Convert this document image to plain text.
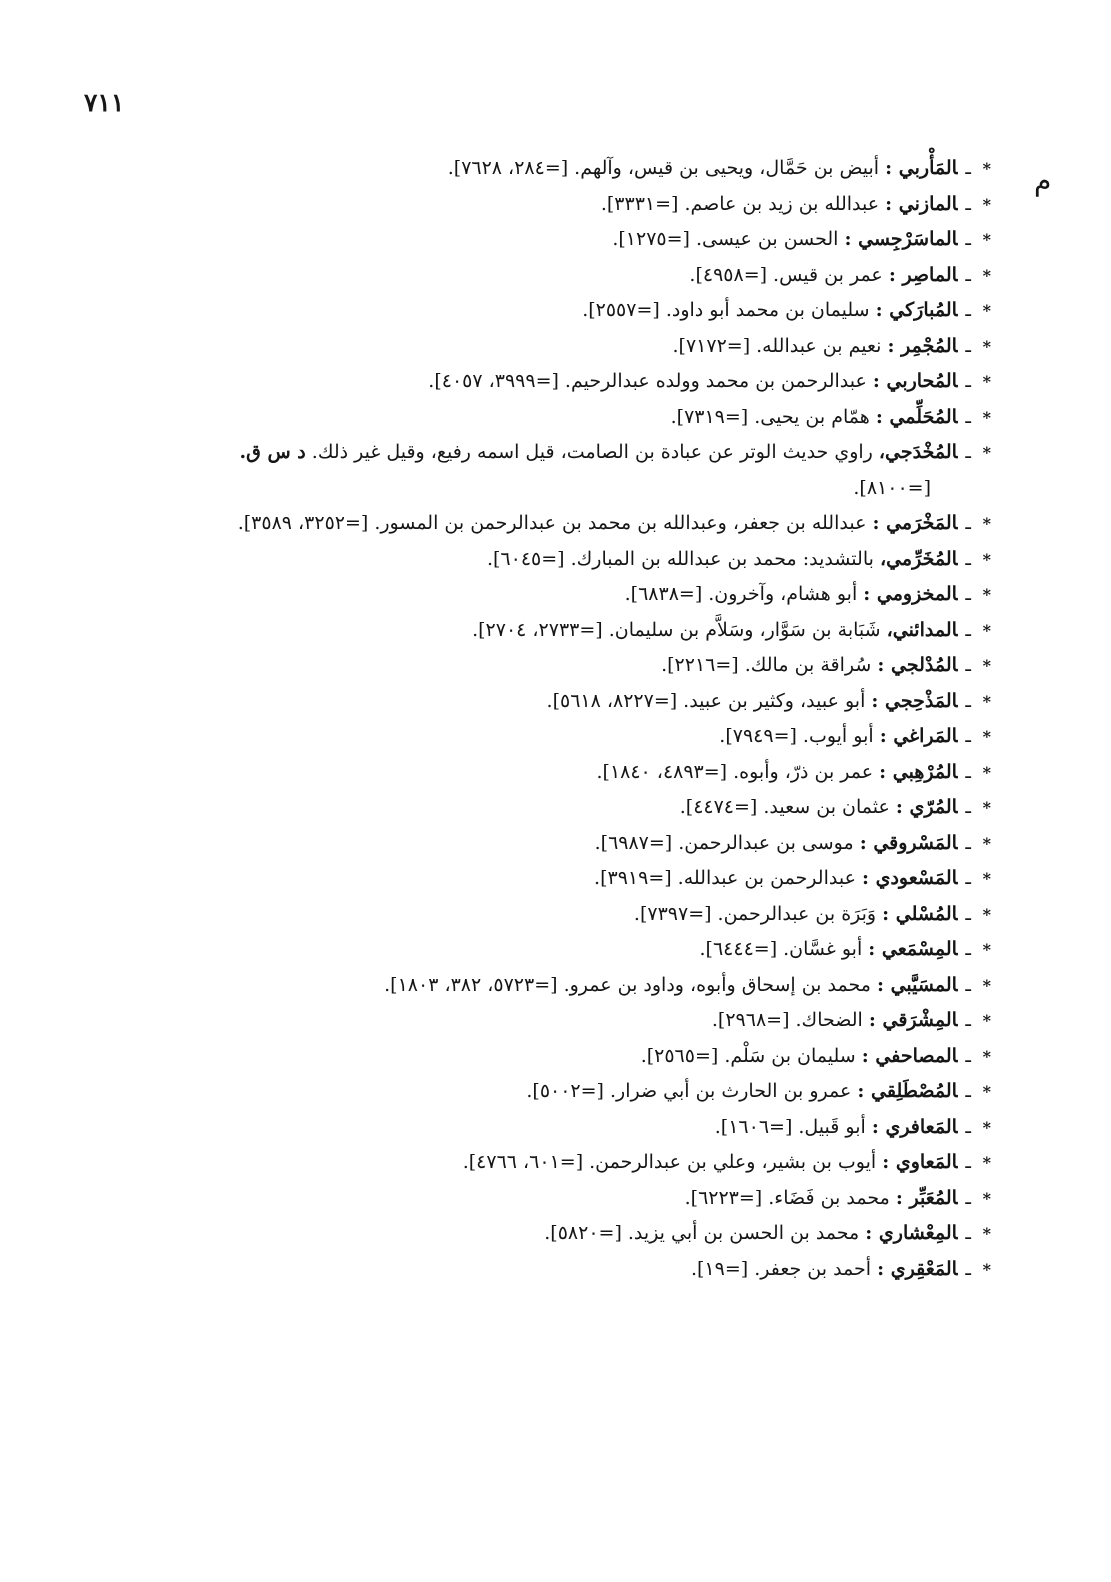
٧١١
م
*
ـالمَأْربي : أبيض بن حَمَّال، ويحيى بن قيس، وآلهم.[=٢٨٤، ٧٦٢٨].
*
ـالمازني : عبدالله بن زيد بن عاصم.[=٣٣٣١].
*
ـالماسَرْجِسي : الحسن بن عيسى.[=١٢٧٥].
*
ـالماصِر : عمر بن قيس.[=٤٩٥٨].
*
ـالمُبارَكي : سليمان بن محمد أبو داود.[=٢٥٥٧].
*
ـالمُجْمِر : نعيم بن عبدالله.[=٧١٧٢].
*
ـالمُحاربي : عبدالرحمن بن محمد وولده عبدالرحيم.[=٣٩٩٩، ٤٠٥٧].
*
ـالمُحَلِّمي : همّام بن يحيى.[=٧٣١٩].
*
ـالمُخْدَجي، راوي حديث الوتر عن عبادة بن الصامت، قيل اسمه رفيع، وقيل غير ذلك.د س ق.
[=٨١٠٠].
*
ـالمَخْرَمي : عبدالله بن جعفر، وعبدالله بن محمد بن عبدالرحمن بن المسور.[=٣٢٥٢، ٣٥٨٩].
*
ـالمُخَرِّمي، بالتشديد: محمد بن عبدالله بن المبارك.[=٦٠٤٥].
*
ـالمخزومي : أبو هشام، وآخرون.[=٦٨٣٨].
*
ـالمدائني، شَبَابة بن سَوَّار، وسَلاَّم بن سليمان.[=٢٧٣٣، ٢٧٠٤].
*
ـالمُدْلجي : سُراقة بن مالك.[=٢٢١٦].
*
ـالمَذْحِجي : أبو عبيد، وكثير بن عبيد.[=٨٢٢٧، ٥٦١٨].
*
ـالمَراغي : أبو أيوب.[=٧٩٤٩].
*
ـالمُرْهِبي : عمر بن ذرّ، وأبوه.[=٤٨٩٣، ١٨٤٠].
*
ـالمُرّي : عثمان بن سعيد.[=٤٤٧٤].
*
ـالمَسْروقي : موسى بن عبدالرحمن.[=٦٩٨٧].
*
ـالمَسْعودي : عبدالرحمن بن عبدالله.[=٣٩١٩].
*
ـالمُسْلي : وَبَرَة بن عبدالرحمن.[=٧٣٩٧].
*
ـالمِسْمَعي : أبو غسَّان.[=٦٤٤٤].
*
ـالمسَيَّبي : محمد بن إسحاق وأبوه، وداود بن عمرو.[=٥٧٢٣، ٣٨٢، ١٨٠٣].
*
ـالمِشْرَقي : الضحاك.[=٢٩٦٨].
*
ـالمصاحفي : سليمان بن سَلْم.[=٢٥٦٥].
*
ـالمُصْطَلِقي : عمرو بن الحارث بن أبي ضرار.[=٥٠٠٢].
*
ـالمَعافري : أبو قَبيل.[=١٦٠٦].
*
ـالمَعاوي : أيوب بن بشير، وعلي بن عبدالرحمن.[=٦٠١، ٤٧٦٦].
*
ـالمُعَبِّر : محمد بن فَضَاء.[=٦٢٢٣].
*
ـالمِعْشاري : محمد بن الحسن بن أبي يزيد.[=٥٨٢٠].
*
ـالمَعْقِري : أحمد بن جعفر.[=١٩].
